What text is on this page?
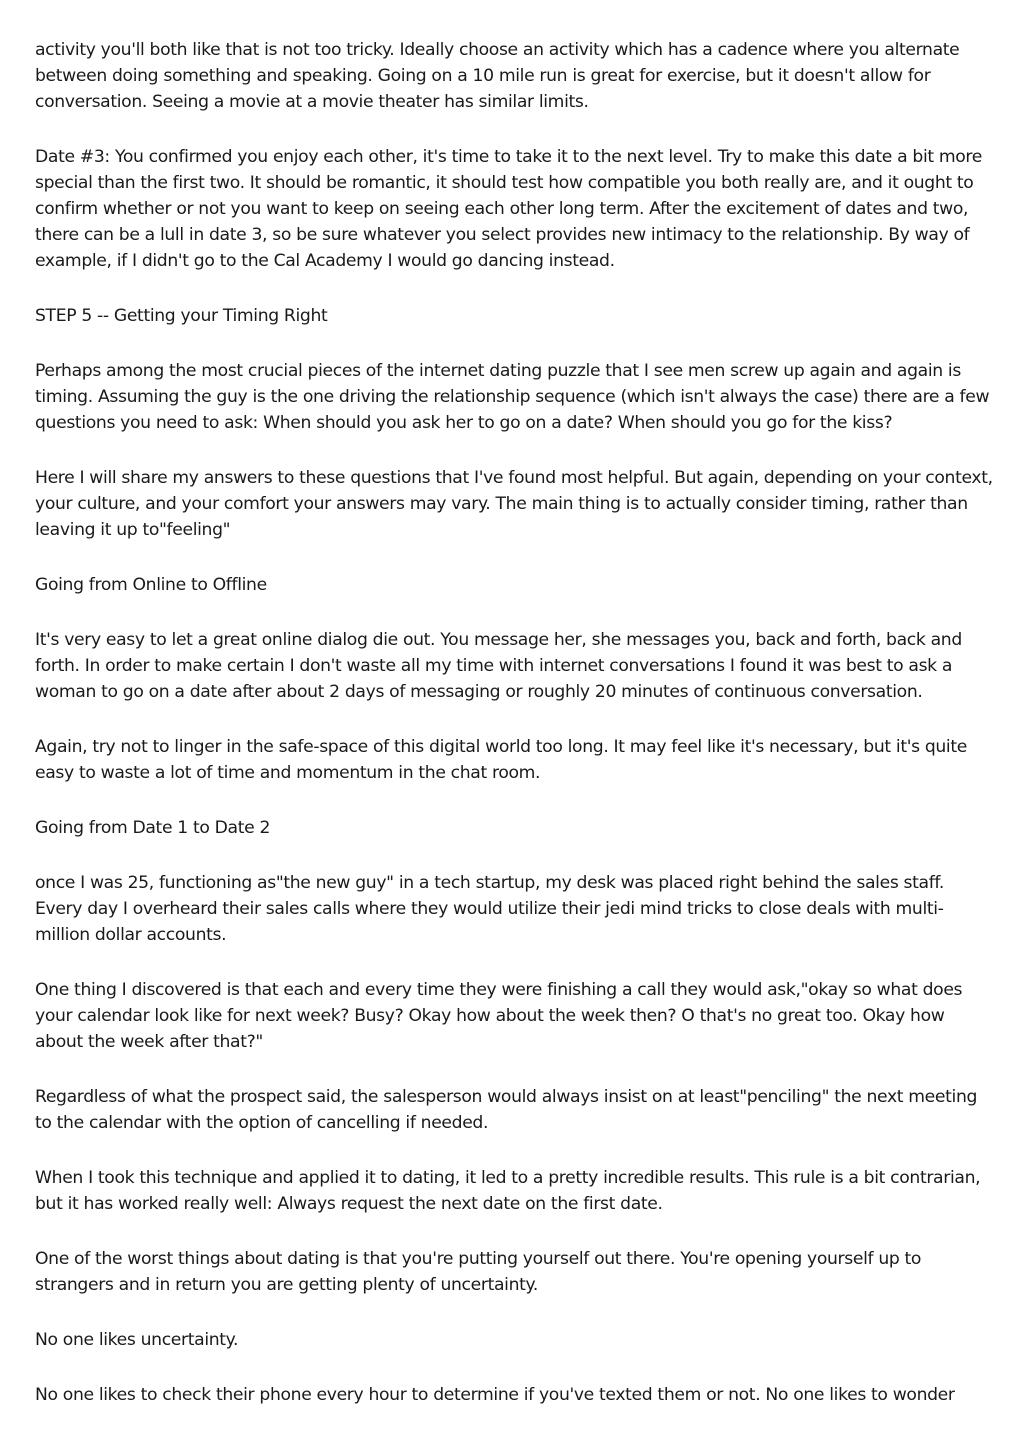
activity you'll both like that is not too tricky. Ideally choose an activity which has a cadence where you alternate between doing something and speaking. Going on a 10 mile run is great for exercise, but it doesn't allow for conversation. Seeing a movie at a movie theater has similar limits.

Date #3: You confirmed you enjoy each other, it's time to take it to the next level. Try to make this date a bit more special than the first two. It should be romantic, it should test how compatible you both really are, and it ought to confirm whether or not you want to keep on seeing each other long term. After the excitement of dates and two, there can be a lull in date 3, so be sure whatever you select provides new intimacy to the relationship. By way of example, if I didn't go to the Cal Academy I would go dancing instead.

STEP 5 -- Getting your Timing Right

Perhaps among the most crucial pieces of the internet dating puzzle that I see men screw up again and again is timing. Assuming the guy is the one driving the relationship sequence (which isn't always the case) there are a few questions you need to ask: When should you ask her to go on a date? When should you go for the kiss?

Here I will share my answers to these questions that I've found most helpful. But again, depending on your context, your culture, and your comfort your answers may vary. The main thing is to actually consider timing, rather than leaving it up to"feeling"

Going from Online to Offline

It's very easy to let a great online dialog die out. You message her, she messages you, back and forth, back and forth. In order to make certain I don't waste all my time with internet conversations I found it was best to ask a woman to go on a date after about 2 days of messaging or roughly 20 minutes of continuous conversation.

Again, try not to linger in the safe-space of this digital world too long. It may feel like it's necessary, but it's quite easy to waste a lot of time and momentum in the chat room.

Going from Date 1 to Date 2

once I was 25, functioning as"the new guy" in a tech startup, my desk was placed right behind the sales staff. Every day I overheard their sales calls where they would utilize their jedi mind tricks to close deals with multi-million dollar accounts.

One thing I discovered is that each and every time they were finishing a call they would ask,"okay so what does your calendar look like for next week? Busy? Okay how about the week then? O that's no great too. Okay how about the week after that?"

Regardless of what the prospect said, the salesperson would always insist on at least"penciling" the next meeting to the calendar with the option of cancelling if needed.

When I took this technique and applied it to dating, it led to a pretty incredible results. This rule is a bit contrarian, but it has worked really well: Always request the next date on the first date.

One of the worst things about dating is that you're putting yourself out there. You're opening yourself up to strangers and in return you are getting plenty of uncertainty.

No one likes uncertainty.

No one likes to check their phone every hour to determine if you've texted them or not. No one likes to wonder
